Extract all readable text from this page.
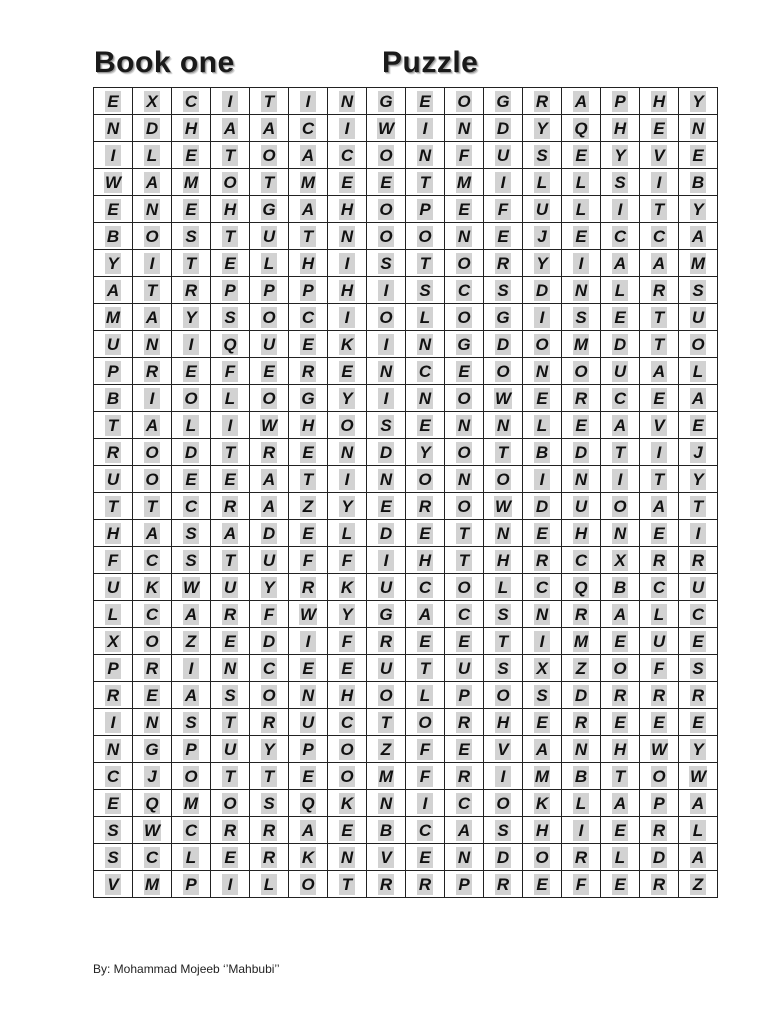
Book one	Puzzle
E	X	C	I	T	I	N	G	E	O	G	R	A	P	H	Y
N	D	H	A	A	C	I	W	I	N	D	Y	Q	H	E	N
I	L	E	T	O	A	C	O	N	F	U	S	E	Y	V	E
W	A	M	O	T	M	E	E	T	M	I	L	L	S	I	B
E	N	E	H	G	A	H	O	P	E	F	U	L	I	T	Y
B	O	S	T	U	T	N	O	O	N	E	J	E	C	C	A
Y	I	T	E	L	H	I	S	T	O	R	Y	I	A	A	M
A	T	R	P	P	P	H	I	S	C	S	D	N	L	R	S
M	A	Y	S	O	C	I	O	L	O	G	I	S	E	T	U
U	N	I	Q	U	E	K	I	N	G	D	O	M	D	T	O
P	R	E	F	E	R	E	N	C	E	O	N	O	U	A	L
B	I	O	L	O	G	Y	I	N	O	W	E	R	C	E	A
T	A	L	I	W	H	O	S	E	N	N	L	E	A	V	E
R	O	D	T	R	E	N	D	Y	O	T	B	D	T	I	J
U	O	E	E	A	T	I	N	O	N	O	I	N	I	T	Y
T	T	C	R	A	Z	Y	E	R	O	W	D	U	O	A	T
H	A	S	A	D	E	L	D	E	T	N	E	H	N	E	I
F	C	S	T	U	F	F	I	H	T	H	R	C	X	R	R
U	K	W	U	Y	R	K	U	C	O	L	C	Q	B	C	U
L	C	A	R	F	W	Y	G	A	C	S	N	R	A	L	C
X	O	Z	E	D	I	F	R	E	E	T	I	M	E	U	E
P	R	I	N	C	E	E	U	T	U	S	X	Z	O	F	S
R	E	A	S	O	N	H	O	L	P	O	S	D	R	R	R
I	N	S	T	R	U	C	T	O	R	H	E	R	E	E	E
N	G	P	U	Y	P	O	Z	F	E	V	A	N	H	W	Y
C	J	O	T	T	E	O	M	F	R	I	M	B	T	O	W
E	Q	M	O	S	Q	K	N	I	C	O	K	L	A	P	A
S	W	C	R	R	A	E	B	C	A	S	H	I	E	R	L
S	C	L	E	R	K	N	V	E	N	D	O	R	L	D	A
V	M	P	I	L	O	T	R	R	P	R	E	F	E	R	Z
By: Mohammad Mojeeb ‘’Mahbubi’’
